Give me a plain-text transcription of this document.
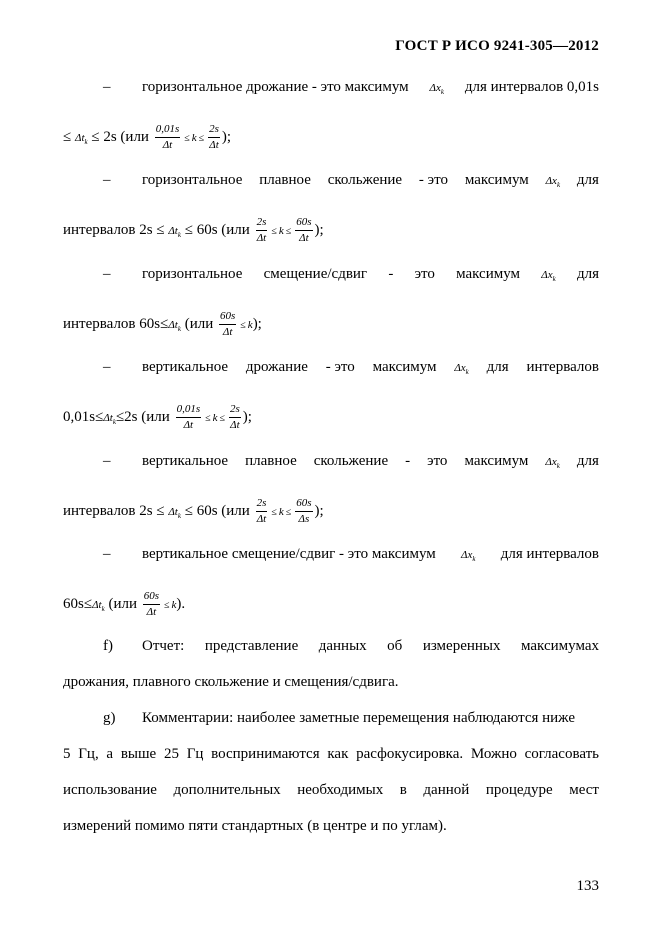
ГОСТ Р ИСО 9241-305—2012
– горизонтальное дрожание - это максимум $\Delta x_k$ для интервалов 0,01s
≤ $\Delta t_k \le 2s$ ($или \frac{0,01s}{\Delta t} \le k \le \frac{2s}{\Delta t}$ );
– горизонтальное плавное скольжение - это максимум $\Delta x_k$ для
интервалов $2s \le \Delta t_k \le 60s$ ($или \frac{2s}{\Delta t} \le k \le \frac{60s}{\Delta t}$ );
– горизонтальное смещение/сдвиг - это максимум $\Delta x_k$ для
интервалов $60s\le\Delta t_k$ $(или \frac{60s}{\Delta t} \le k)$;
– вертикальное дрожание - это максимум $\Delta x_k$ для интервалов
$0,01s\le\Delta t_k\le 2s$ ($или \frac{0,01s}{\Delta t} \le k \le \frac{2s}{\Delta t}$ );
– вертикальное плавное скольжение - это максимум $\Delta x_k$ для
интервалов $2s \le \Delta t_k \le 60s$ ($или \frac{2s}{\Delta t} \le k \le \frac{60s}{\Delta s}$ );
– вертикальное смещение/сдвиг - это максимум $\Delta x_k$ для интервалов
$60s\le\Delta t_k$ $(или \frac{60s}{\Delta t} \le k)$.
f) Отчет: представление данных об измеренных максимумах
дрожания, плавного скольжение и смещения/сдвига.
g) Комментарии: наиболее заметные перемещения наблюдаются ниже
5 Гц, а выше 25 Гц воспринимаются как расфокусировка. Можно согласовать
использование дополнительных необходимых в данной процедуре мест
измерений помимо пяти стандартных (в центре и по углам).
133
